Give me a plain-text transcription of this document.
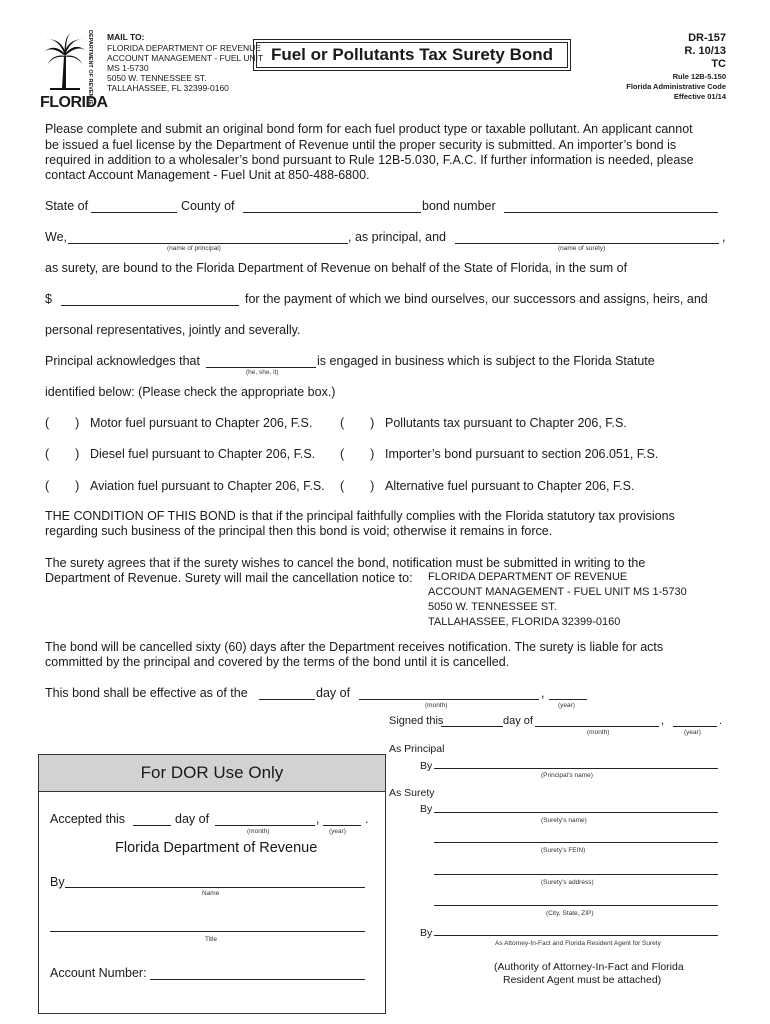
DEPARTMENT OF REVENUE
FLORIDA
MAIL TO:
FLORIDA DEPARTMENT OF REVENUE
ACCOUNT MANAGEMENT - FUEL UNIT
MS 1-5730
5050 W. TENNESSEE ST.
TALLAHASSEE, FL 32399-0160
Fuel or Pollutants Tax Surety Bond
DR-157
R. 10/13
TC
Rule 12B-5.150
Florida Administrative Code
Effective 01/14
Please complete and submit an original bond form for each fuel product type or taxable pollutant. An applicant cannot
be issued a fuel license by the Department of Revenue until the proper security is submitted. An importer’s bond is
required in addition to a wholesaler’s bond pursuant to Rule 12B-5.030, F.A.C. If further information is needed, please
contact Account Management - Fuel Unit at 850-488-6800.
State of	County of	bond number
We,	, as principal, and	,
(name of principal)	(name of surety)
as surety, are bound to the Florida Department of Revenue on behalf of the State of Florida, in the sum of
$	for the payment of which we bind ourselves, our successors and assigns, heirs, and
personal representatives, jointly and severally.
Principal acknowledges that	is engaged in business which is subject to the Florida Statute
(he, she, it)
identified below: (Please check the appropriate box.)
( ) Motor fuel pursuant to Chapter 206, F.S. ( ) Pollutants tax pursuant to Chapter 206, F.S.
( ) Diesel fuel pursuant to Chapter 206, F.S. ( ) Importer’s bond pursuant to section 206.051, F.S.
( ) Aviation fuel pursuant to Chapter 206, F.S. ( ) Alternative fuel pursuant to Chapter 206, F.S.
THE CONDITION OF THIS BOND is that if the principal faithfully complies with the Florida statutory tax provisions
regarding such business of the principal then this bond is void; otherwise it remains in force.
The surety agrees that if the surety wishes to cancel the bond, notification must be submitted in writing to the
Department of Revenue. Surety will mail the cancellation notice to: FLORIDA DEPARTMENT OF REVENUE
ACCOUNT MANAGEMENT - FUEL UNIT MS 1-5730
5050 W. TENNESSEE ST.
TALLAHASSEE, FLORIDA 32399-0160
The bond will be cancelled sixty (60) days after the Department receives notification. The surety is liable for acts
committed by the principal and covered by the terms of the bond until it is cancelled.
This bond shall be effective as of the	day of	,
(month)	(year)
Signed this	day of	,	.
(month)	(year)
As Principal
By
(Principal’s name)
As Surety
By
(Surety’s name)
(Surety’s FEIN)
(Surety’s address)
(City, State, ZIP)
By
As Attorney-In-Fact and Florida Resident Agent for Surety
(Authority of Attorney-In-Fact and Florida
Resident Agent must be attached)
For DOR Use Only
Accepted this	day of	,	.
(month)	(year)
Florida Department of Revenue
By
Name
Title
Account Number:
